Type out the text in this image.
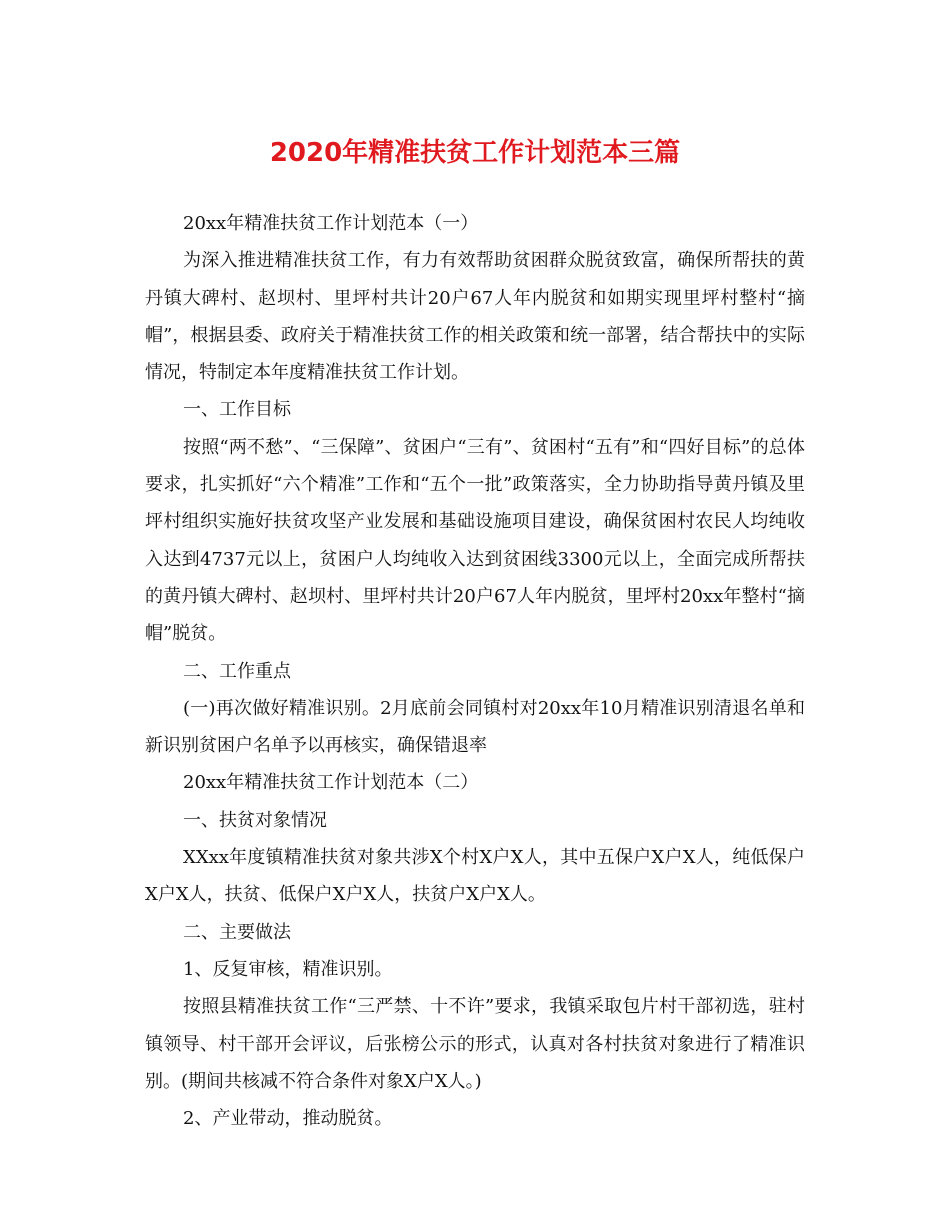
2020年精准扶贫工作计划范本三篇

20xx年精准扶贫工作计划范本（一）

为深入推进精准扶贫工作，有力有效帮助贫困群众脱贫致富，确保所帮扶的黄丹镇大碑村、赵坝村、里坪村共计20户67人年内脱贫和如期实现里坪村整村“摘帽”，根据县委、政府关于精准扶贫工作的相关政策和统一部署，结合帮扶中的实际情况，特制定本年度精准扶贫工作计划。

一、工作目标

按照“两不愁”、“三保障”、贫困户“三有”、贫困村“五有”和“四好目标”的总体要求，扎实抓好“六个精准”工作和“五个一批”政策落实，全力协助指导黄丹镇及里坪村组织实施好扶贫攻坚产业发展和基础设施项目建设，确保贫困村农民人均纯收入达到4737元以上，贫困户人均纯收入达到贫困线3300元以上，全面完成所帮扶的黄丹镇大碑村、赵坝村、里坪村共计20户67人年内脱贫，里坪村20xx年整村“摘帽”脱贫。

二、工作重点

(一)再次做好精准识别。2月底前会同镇村对20xx年10月精准识别清退名单和新识别贫困户名单予以再核实，确保错退率

20xx年精准扶贫工作计划范本（二）

一、扶贫对象情况

XXxx年度镇精准扶贫对象共涉X个村X户X人，其中五保户X户X人，纯低保户X户X人，扶贫、低保户X户X人，扶贫户X户X人。

二、主要做法

1、反复审核，精准识别。

按照县精准扶贫工作“三严禁、十不许”要求，我镇采取包片村干部初选，驻村镇领导、村干部开会评议，后张榜公示的形式，认真对各村扶贫对象进行了精准识别。(期间共核减不符合条件对象X户X人。)

2、产业带动，推动脱贫。
